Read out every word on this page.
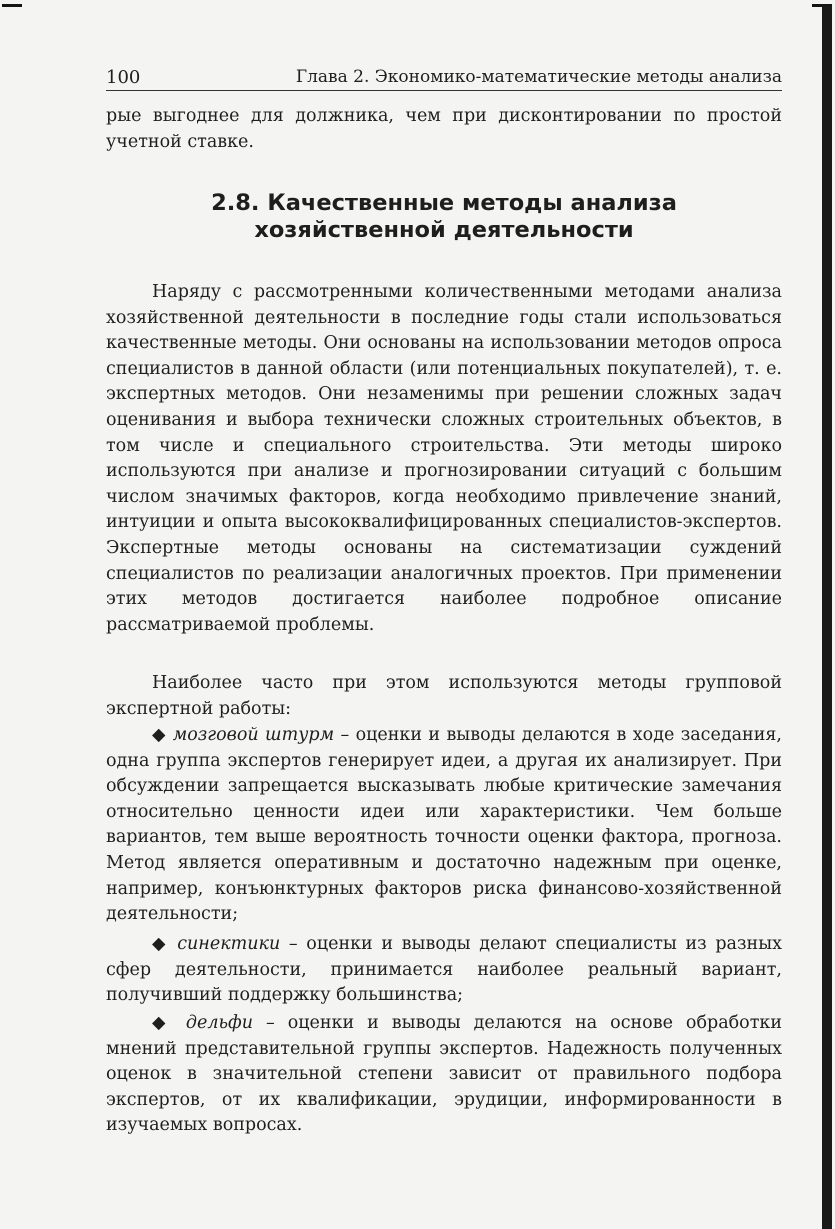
100	Глава 2. Экономико-математические методы анализа
рые выгоднее для должника, чем при дисконтировании по простой учетной ставке.
2.8. Качественные методы анализа
хозяйственной деятельности
Наряду с рассмотренными количественными методами анализа хозяйственной деятельности в последние годы стали использоваться качественные методы. Они основаны на использовании методов опроса специалистов в данной области (или потенциальных покупателей), т. е. экспертных методов. Они незаменимы при решении сложных задач оценивания и выбора технически сложных строительных объектов, в том числе и специального строительства. Эти методы широко используются при анализе и прогнозировании ситуаций с большим числом значимых факторов, когда необходимо привлечение знаний, интуиции и опыта высококвалифицированных специалистов-экспертов. Экспертные методы основаны на систематизации суждений специалистов по реализации аналогичных проектов. При применении этих методов достигается наиболее подробное описание рассматриваемой проблемы.
Наиболее часто при этом используются методы групповой экспертной работы:
◆ мозговой штурм – оценки и выводы делаются в ходе заседания, одна группа экспертов генерирует идеи, а другая их анализирует. При обсуждении запрещается высказывать любые критические замечания относительно ценности идеи или характеристики. Чем больше вариантов, тем выше вероятность точности оценки фактора, прогноза. Метод является оперативным и достаточно надежным при оценке, например, конъюнктурных факторов риска финансово-хозяйственной деятельности;
◆ синектики – оценки и выводы делают специалисты из разных сфер деятельности, принимается наиболее реальный вариант, получивший поддержку большинства;
◆ дельфи – оценки и выводы делаются на основе обработки мнений представительной группы экспертов. Надежность полученных оценок в значительной степени зависит от правильного подбора экспертов, от их квалификации, эрудиции, информированности в изучаемых вопросах.
